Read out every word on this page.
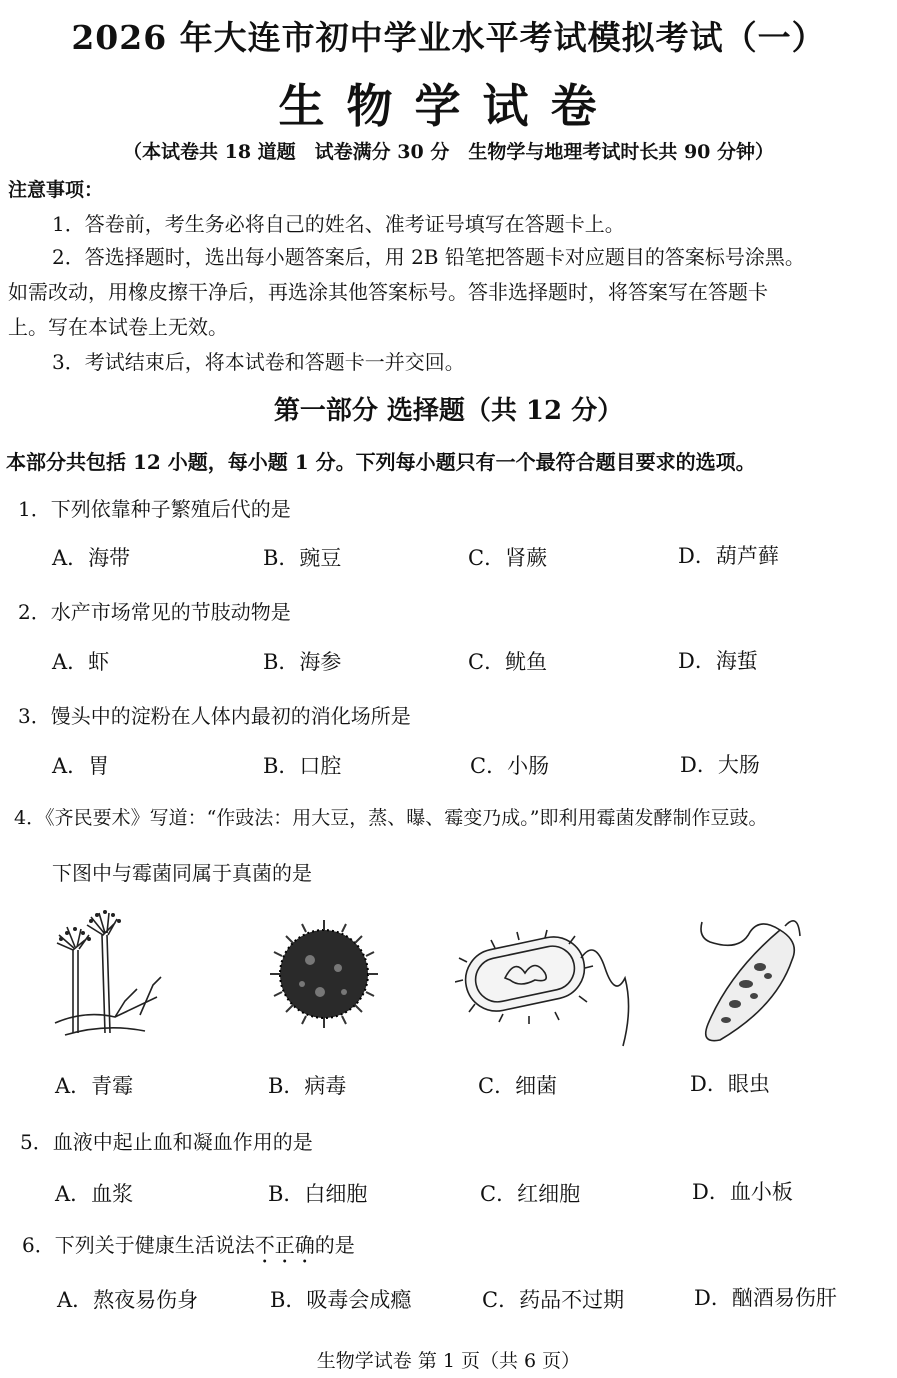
2026 年大连市初中学业水平考试模拟考试（一）
生物学试卷
（本试卷共 18 道题　试卷满分 30 分　生物学与地理考试时长共 90 分钟）
注意事项：
1．答卷前，考生务必将自己的姓名、准考证号填写在答题卡上。
2．答选择题时，选出每小题答案后，用 2B 铅笔把答题卡对应题目的答案标号涂黑。
如需改动，用橡皮擦干净后，再选涂其他答案标号。答非选择题时，将答案写在答题卡
上。写在本试卷上无效。
3．考试结束后，将本试卷和答题卡一并交回。
第一部分 选择题（共 12 分）
本部分共包括 12 小题，每小题 1 分。下列每小题只有一个最符合题目要求的选项。
1．下列依靠种子繁殖后代的是
A．海带	B．豌豆	C．肾蕨	D．葫芦藓
2．水产市场常见的节肢动物是
A．虾	B．海参	C．鱿鱼	D．海蜇
3．馒头中的淀粉在人体内最初的消化场所是
A．胃	B．口腔	C．小肠	D．大肠
4．《齐民要术》写道：“作豉法：用大豆，蒸、曝、霉变乃成。”即利用霉菌发酵制作豆豉。
下图中与霉菌同属于真菌的是
A．青霉	B．病毒	C．细菌	D．眼虫
5．血液中起止血和凝血作用的是
A．血浆	B．白细胞	C．红细胞	D．血小板
6．下列关于健康生活说法不正确的是
A．熬夜易伤身	B．吸毒会成瘾	C．药品不过期	D．酗酒易伤肝
生物学试卷 第 1 页（共 6 页）
